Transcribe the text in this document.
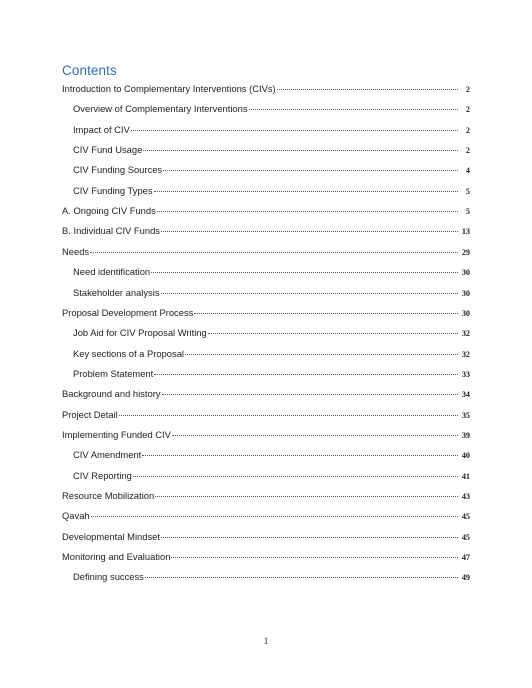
Contents
Introduction to Complementary Interventions (CIVs)	2
Overview of Complementary Interventions	2
Impact of CIV	2
CIV Fund Usage	2
CIV Funding Sources	4
CIV Funding Types	5
A. Ongoing CIV Funds	5
B. Individual CIV Funds	13
Needs	29
Need identification	30
Stakeholder analysis	30
Proposal Development Process	30
Job Aid for CIV Proposal Writing	32
Key sections of a Proposal	32
Problem Statement	33
Background and history	34
Project Detail	35
Implementing Funded CIV	39
CIV Amendment	40
CIV Reporting	41
Resource Mobilization	43
Qavah	45
Developmental Mindset	45
Monitoring and Evaluation	47
Defining success	49
1
